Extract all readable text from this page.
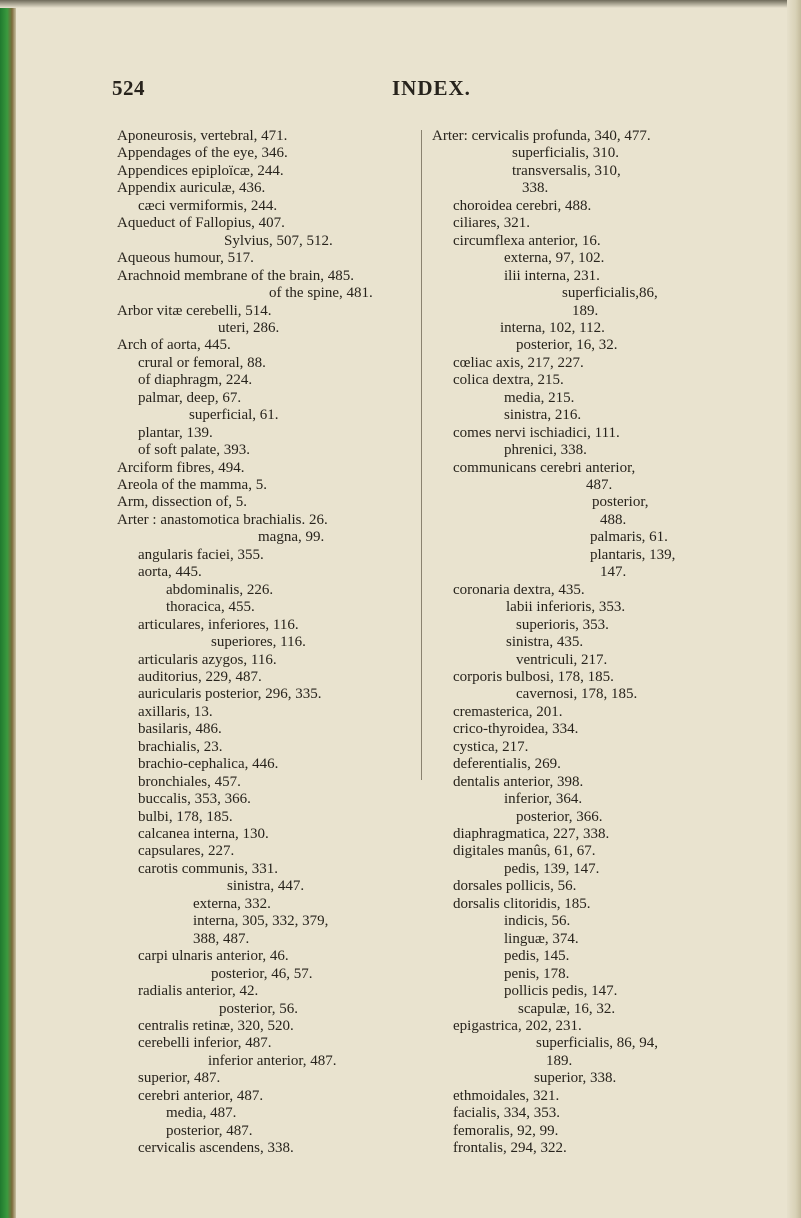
524	INDEX.
Aponeurosis, vertebral, 471.
Appendages of the eye, 346.
Appendices epiploïcæ, 244.
Appendix auriculæ, 436.
cæci vermiformis, 244.
Aqueduct of Fallopius, 407.
Sylvius, 507, 512.
Aqueous humour, 517.
Arachnoid membrane of the brain, 485.
of the spine, 481.
Arbor vitæ cerebelli, 514.
uteri, 286.
Arch of aorta, 445.
crural or femoral, 88.
of diaphragm, 224.
palmar, deep, 67.
superficial, 61.
plantar, 139.
of soft palate, 393.
Arciform fibres, 494.
Areola of the mamma, 5.
Arm, dissection of, 5.
Arter : anastomotica brachialis. 26.
magna, 99.
angularis faciei, 355.
aorta, 445.
abdominalis, 226.
thoracica, 455.
articulares, inferiores, 116.
superiores, 116.
articularis azygos, 116.
auditorius, 229, 487.
auricularis posterior, 296, 335.
axillaris, 13.
basilaris, 486.
brachialis, 23.
brachio-cephalica, 446.
bronchiales, 457.
buccalis, 353, 366.
bulbi, 178, 185.
calcanea interna, 130.
capsulares, 227.
carotis communis, 331.
sinistra, 447.
externa, 332.
interna, 305, 332, 379,
388, 487.
carpi ulnaris anterior, 46.
posterior, 46, 57.
radialis anterior, 42.
posterior, 56.
centralis retinæ, 320, 520.
cerebelli inferior, 487.
inferior anterior, 487.
superior, 487.
cerebri anterior, 487.
media, 487.
posterior, 487.
cervicalis ascendens, 338.
Arter: cervicalis profunda, 340, 477.
superficialis, 310.
transversalis, 310,
338.
choroidea cerebri, 488.
ciliares, 321.
circumflexa anterior, 16.
externa, 97, 102.
ilii interna, 231.
superficialis,86,
189.
interna, 102, 112.
posterior, 16, 32.
cœliac axis, 217, 227.
colica dextra, 215.
media, 215.
sinistra, 216.
comes nervi ischiadici, 111.
phrenici, 338.
communicans cerebri anterior,
487.
posterior,
488.
palmaris, 61.
plantaris, 139,
147.
coronaria dextra, 435.
labii inferioris, 353.
superioris, 353.
sinistra, 435.
ventriculi, 217.
corporis bulbosi, 178, 185.
cavernosi, 178, 185.
cremasterica, 201.
crico-thyroidea, 334.
cystica, 217.
deferentialis, 269.
dentalis anterior, 398.
inferior, 364.
posterior, 366.
diaphragmatica, 227, 338.
digitales manûs, 61, 67.
pedis, 139, 147.
dorsales pollicis, 56.
dorsalis clitoridis, 185.
indicis, 56.
linguæ, 374.
pedis, 145.
penis, 178.
pollicis pedis, 147.
scapulæ, 16, 32.
epigastrica, 202, 231.
superficialis, 86, 94,
189.
superior, 338.
ethmoidales, 321.
facialis, 334, 353.
femoralis, 92, 99.
frontalis, 294, 322.
